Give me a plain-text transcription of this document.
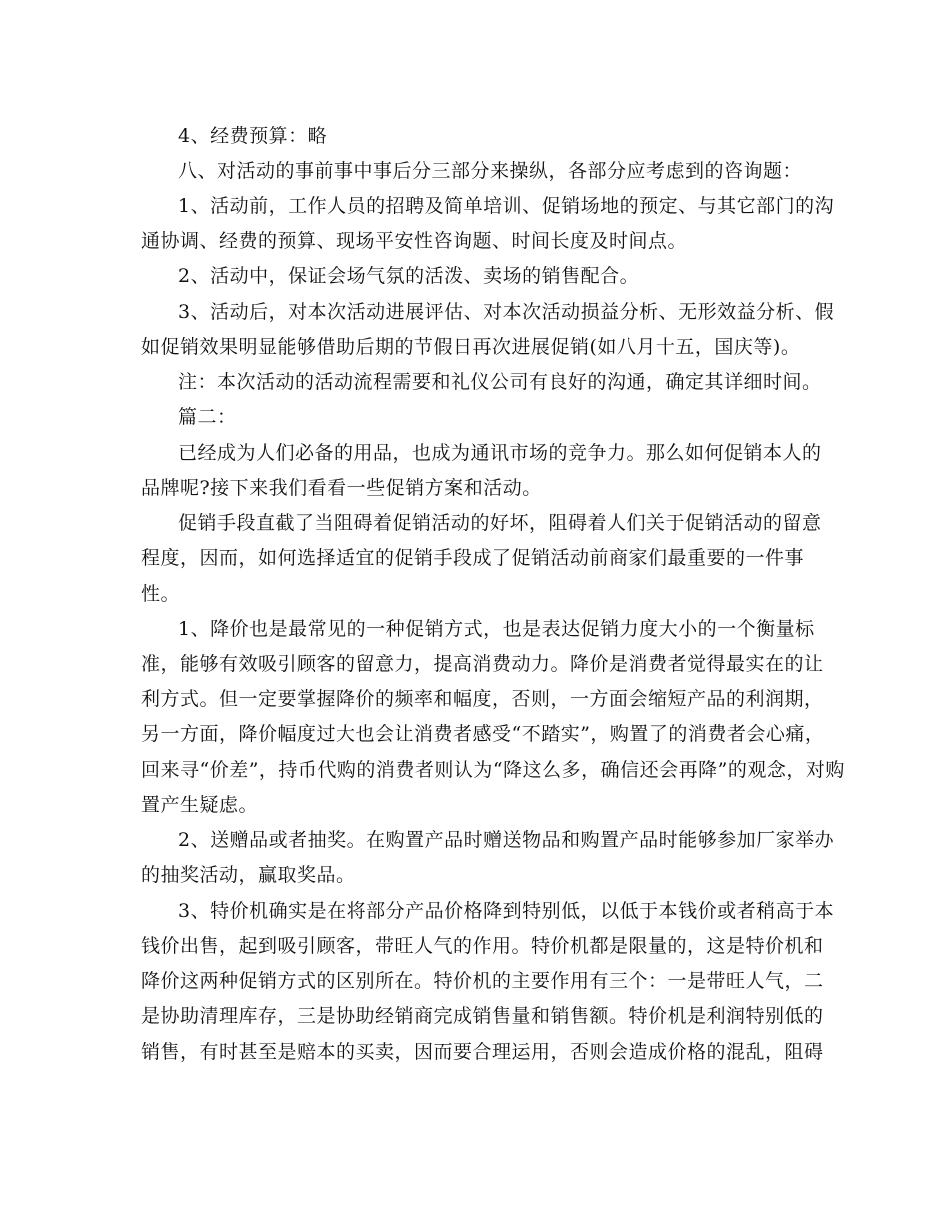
4、经费预算：略
八、对活动的事前事中事后分三部分来操纵，各部分应考虑到的咨询题：
1、活动前，工作人员的招聘及简单培训、促销场地的预定、与其它部门的沟
通协调、经费的预算、现场平安性咨询题、时间长度及时间点。
2、活动中，保证会场气氛的活泼、卖场的销售配合。
3、活动后，对本次活动进展评估、对本次活动损益分析、无形效益分析、假
如促销效果明显能够借助后期的节假日再次进展促销(如八月十五，国庆等)。
注：本次活动的活动流程需要和礼仪公司有良好的沟通，确定其详细时间。
篇二：
已经成为人们必备的用品，也成为通讯市场的竞争力。那么如何促销本人的
品牌呢?接下来我们看看一些促销方案和活动。
促销手段直截了当阻碍着促销活动的好坏，阻碍着人们关于促销活动的留意
程度，因而，如何选择适宜的促销手段成了促销活动前商家们最重要的一件事
性。
1、降价也是最常见的一种促销方式，也是表达促销力度大小的一个衡量标
准，能够有效吸引顾客的留意力，提高消费动力。降价是消费者觉得最实在的让
利方式。但一定要掌握降价的频率和幅度，否则，一方面会缩短产品的利润期，
另一方面，降价幅度过大也会让消费者感受“不踏实”，购置了的消费者会心痛，
回来寻“价差”，持币代购的消费者则认为“降这么多，确信还会再降”的观念，对购
置产生疑虑。
2、送赠品或者抽奖。在购置产品时赠送物品和购置产品时能够参加厂家举办
的抽奖活动，赢取奖品。
3、特价机确实是在将部分产品价格降到特别低，以低于本钱价或者稍高于本
钱价出售，起到吸引顾客，带旺人气的作用。特价机都是限量的，这是特价机和
降价这两种促销方式的区别所在。特价机的主要作用有三个：一是带旺人气，二
是协助清理库存，三是协助经销商完成销售量和销售额。特价机是利润特别低的
销售，有时甚至是赔本的买卖，因而要合理运用，否则会造成价格的混乱，阻碍
